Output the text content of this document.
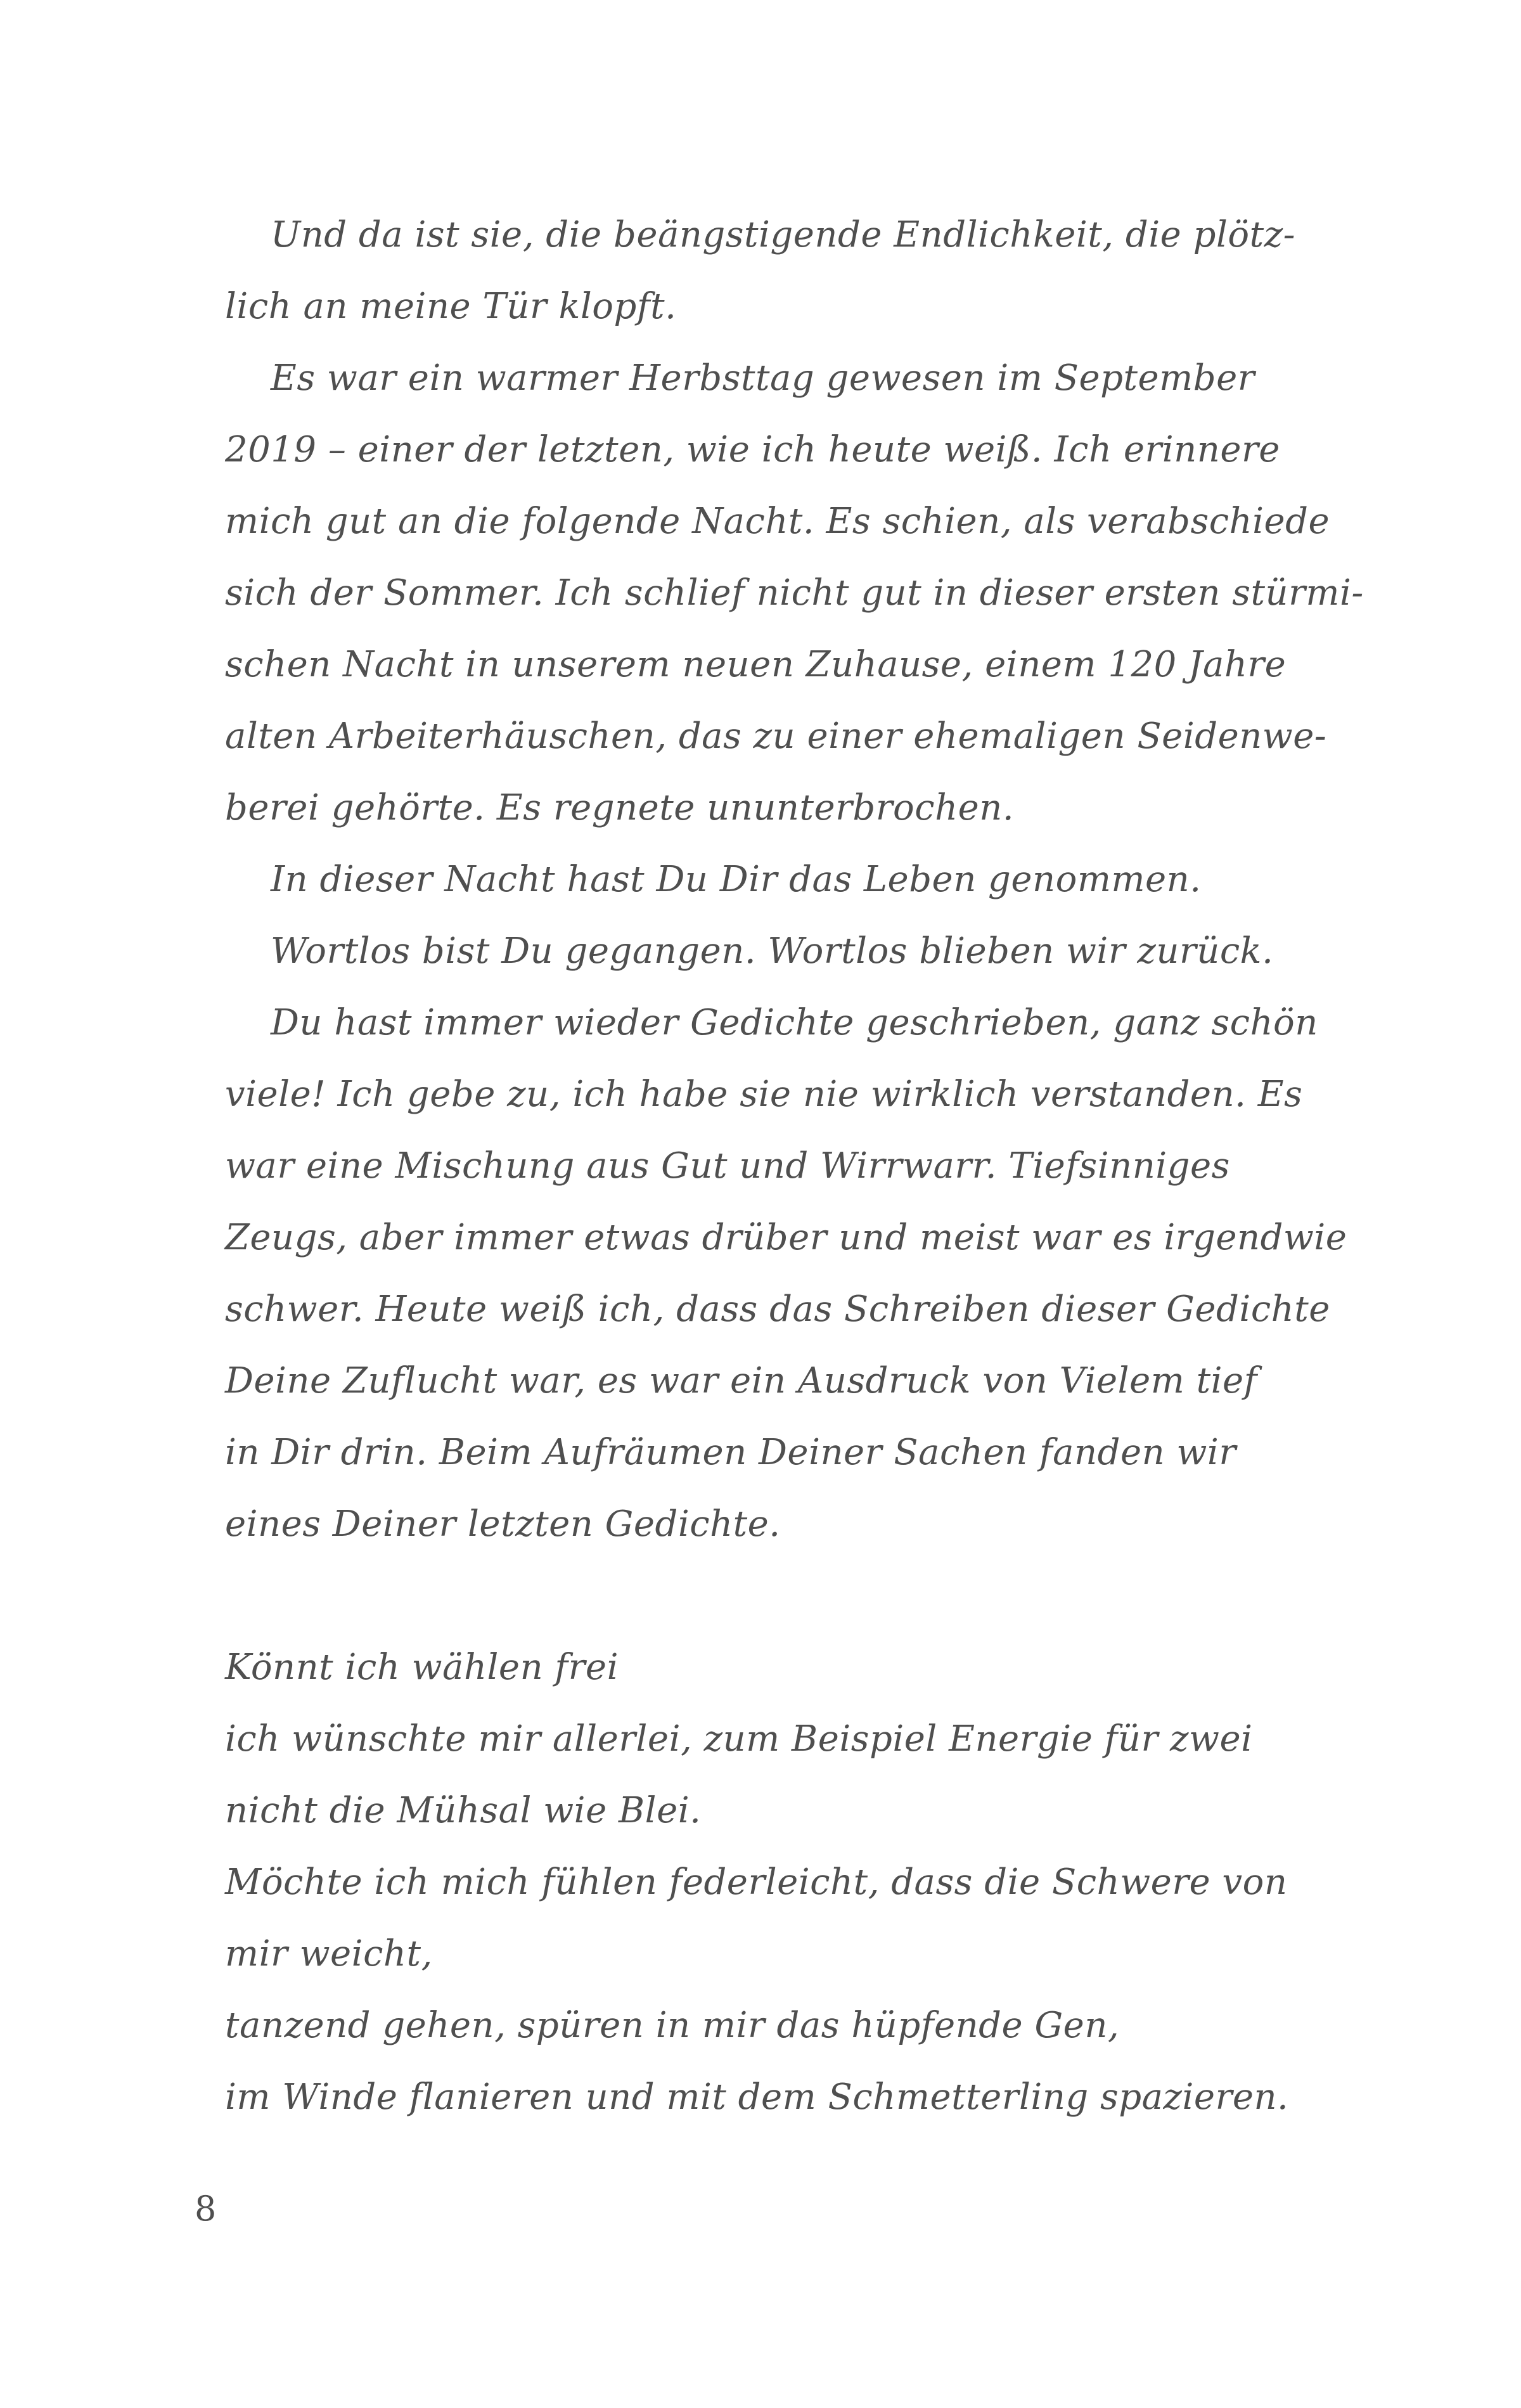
Und da ist sie, die beängstigende Endlichkeit, die plötz-
lich an meine Tür klopft.
Es war ein warmer Herbsttag gewesen im September
2019 – einer der letzten, wie ich heute weiß. Ich erinnere
mich gut an die folgende Nacht. Es schien, als verabschiede
sich der Sommer. Ich schlief nicht gut in dieser ersten stürmi-
schen Nacht in unserem neuen Zuhause, einem 120 Jahre
alten Arbeiterhäuschen, das zu einer ehemaligen Seidenwe-
berei gehörte. Es regnete ununterbrochen.
In dieser Nacht hast Du Dir das Leben genommen.
Wortlos bist Du gegangen. Wortlos blieben wir zurück.
Du hast immer wieder Gedichte geschrieben, ganz schön
viele! Ich gebe zu, ich habe sie nie wirklich verstanden. Es
war eine Mischung aus Gut und Wirrwarr. Tiefsinniges
Zeugs, aber immer etwas drüber und meist war es irgendwie
schwer. Heute weiß ich, dass das Schreiben dieser Gedichte
Deine Zuflucht war, es war ein Ausdruck von Vielem tief
in Dir drin. Beim Aufräumen Deiner Sachen fanden wir
eines Deiner letzten Gedichte.
Könnt ich wählen frei
ich wünschte mir allerlei, zum Beispiel Energie für zwei
nicht die Mühsal wie Blei.
Möchte ich mich fühlen federleicht, dass die Schwere von
mir weicht,
tanzend gehen, spüren in mir das hüpfende Gen,
im Winde flanieren und mit dem Schmetterling spazieren.
8
